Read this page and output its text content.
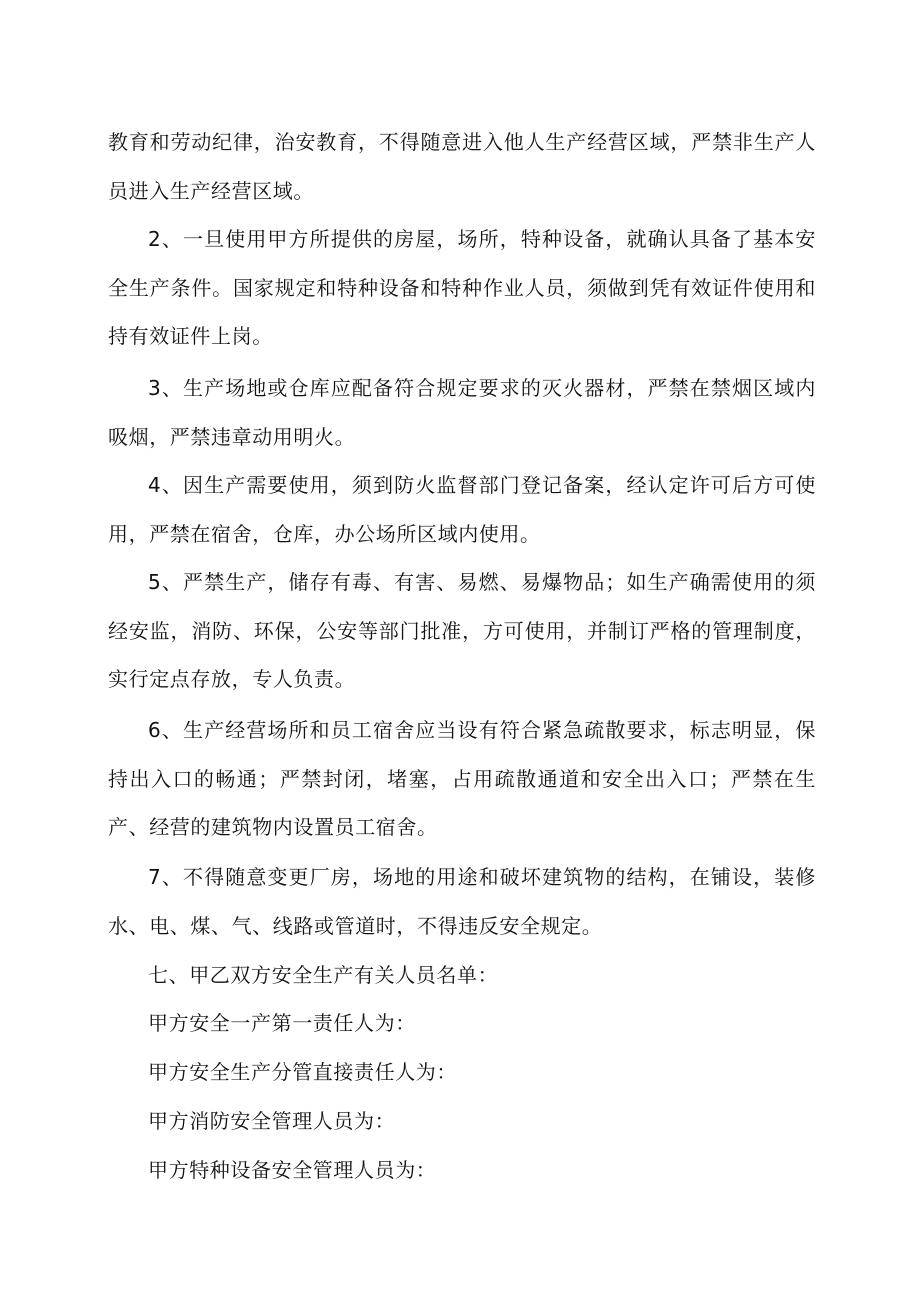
教育和劳动纪律，治安教育，不得随意进入他人生产经营区域，严禁非生产人员进入生产经营区域。

2、一旦使用甲方所提供的房屋，场所，特种设备，就确认具备了基本安全生产条件。国家规定和特种设备和特种作业人员，须做到凭有效证件使用和持有效证件上岗。

3、生产场地或仓库应配备符合规定要求的灭火器材，严禁在禁烟区域内吸烟，严禁违章动用明火。

4、因生产需要使用，须到防火监督部门登记备案，经认定许可后方可使用，严禁在宿舍，仓库，办公场所区域内使用。

5、严禁生产，储存有毒、有害、易燃、易爆物品；如生产确需使用的须经安监，消防、环保，公安等部门批准，方可使用，并制订严格的管理制度，实行定点存放，专人负责。

6、生产经营场所和员工宿舍应当设有符合紧急疏散要求，标志明显，保持出入口的畅通；严禁封闭，堵塞，占用疏散通道和安全出入口；严禁在生产、经营的建筑物内设置员工宿舍。

7、不得随意变更厂房，场地的用途和破坏建筑物的结构，在铺设，装修水、电、煤、气、线路或管道时，不得违反安全规定。

七、甲乙双方安全生产有关人员名单：

甲方安全一产第一责任人为：

甲方安全生产分管直接责任人为：

甲方消防安全管理人员为：

甲方特种设备安全管理人员为：
